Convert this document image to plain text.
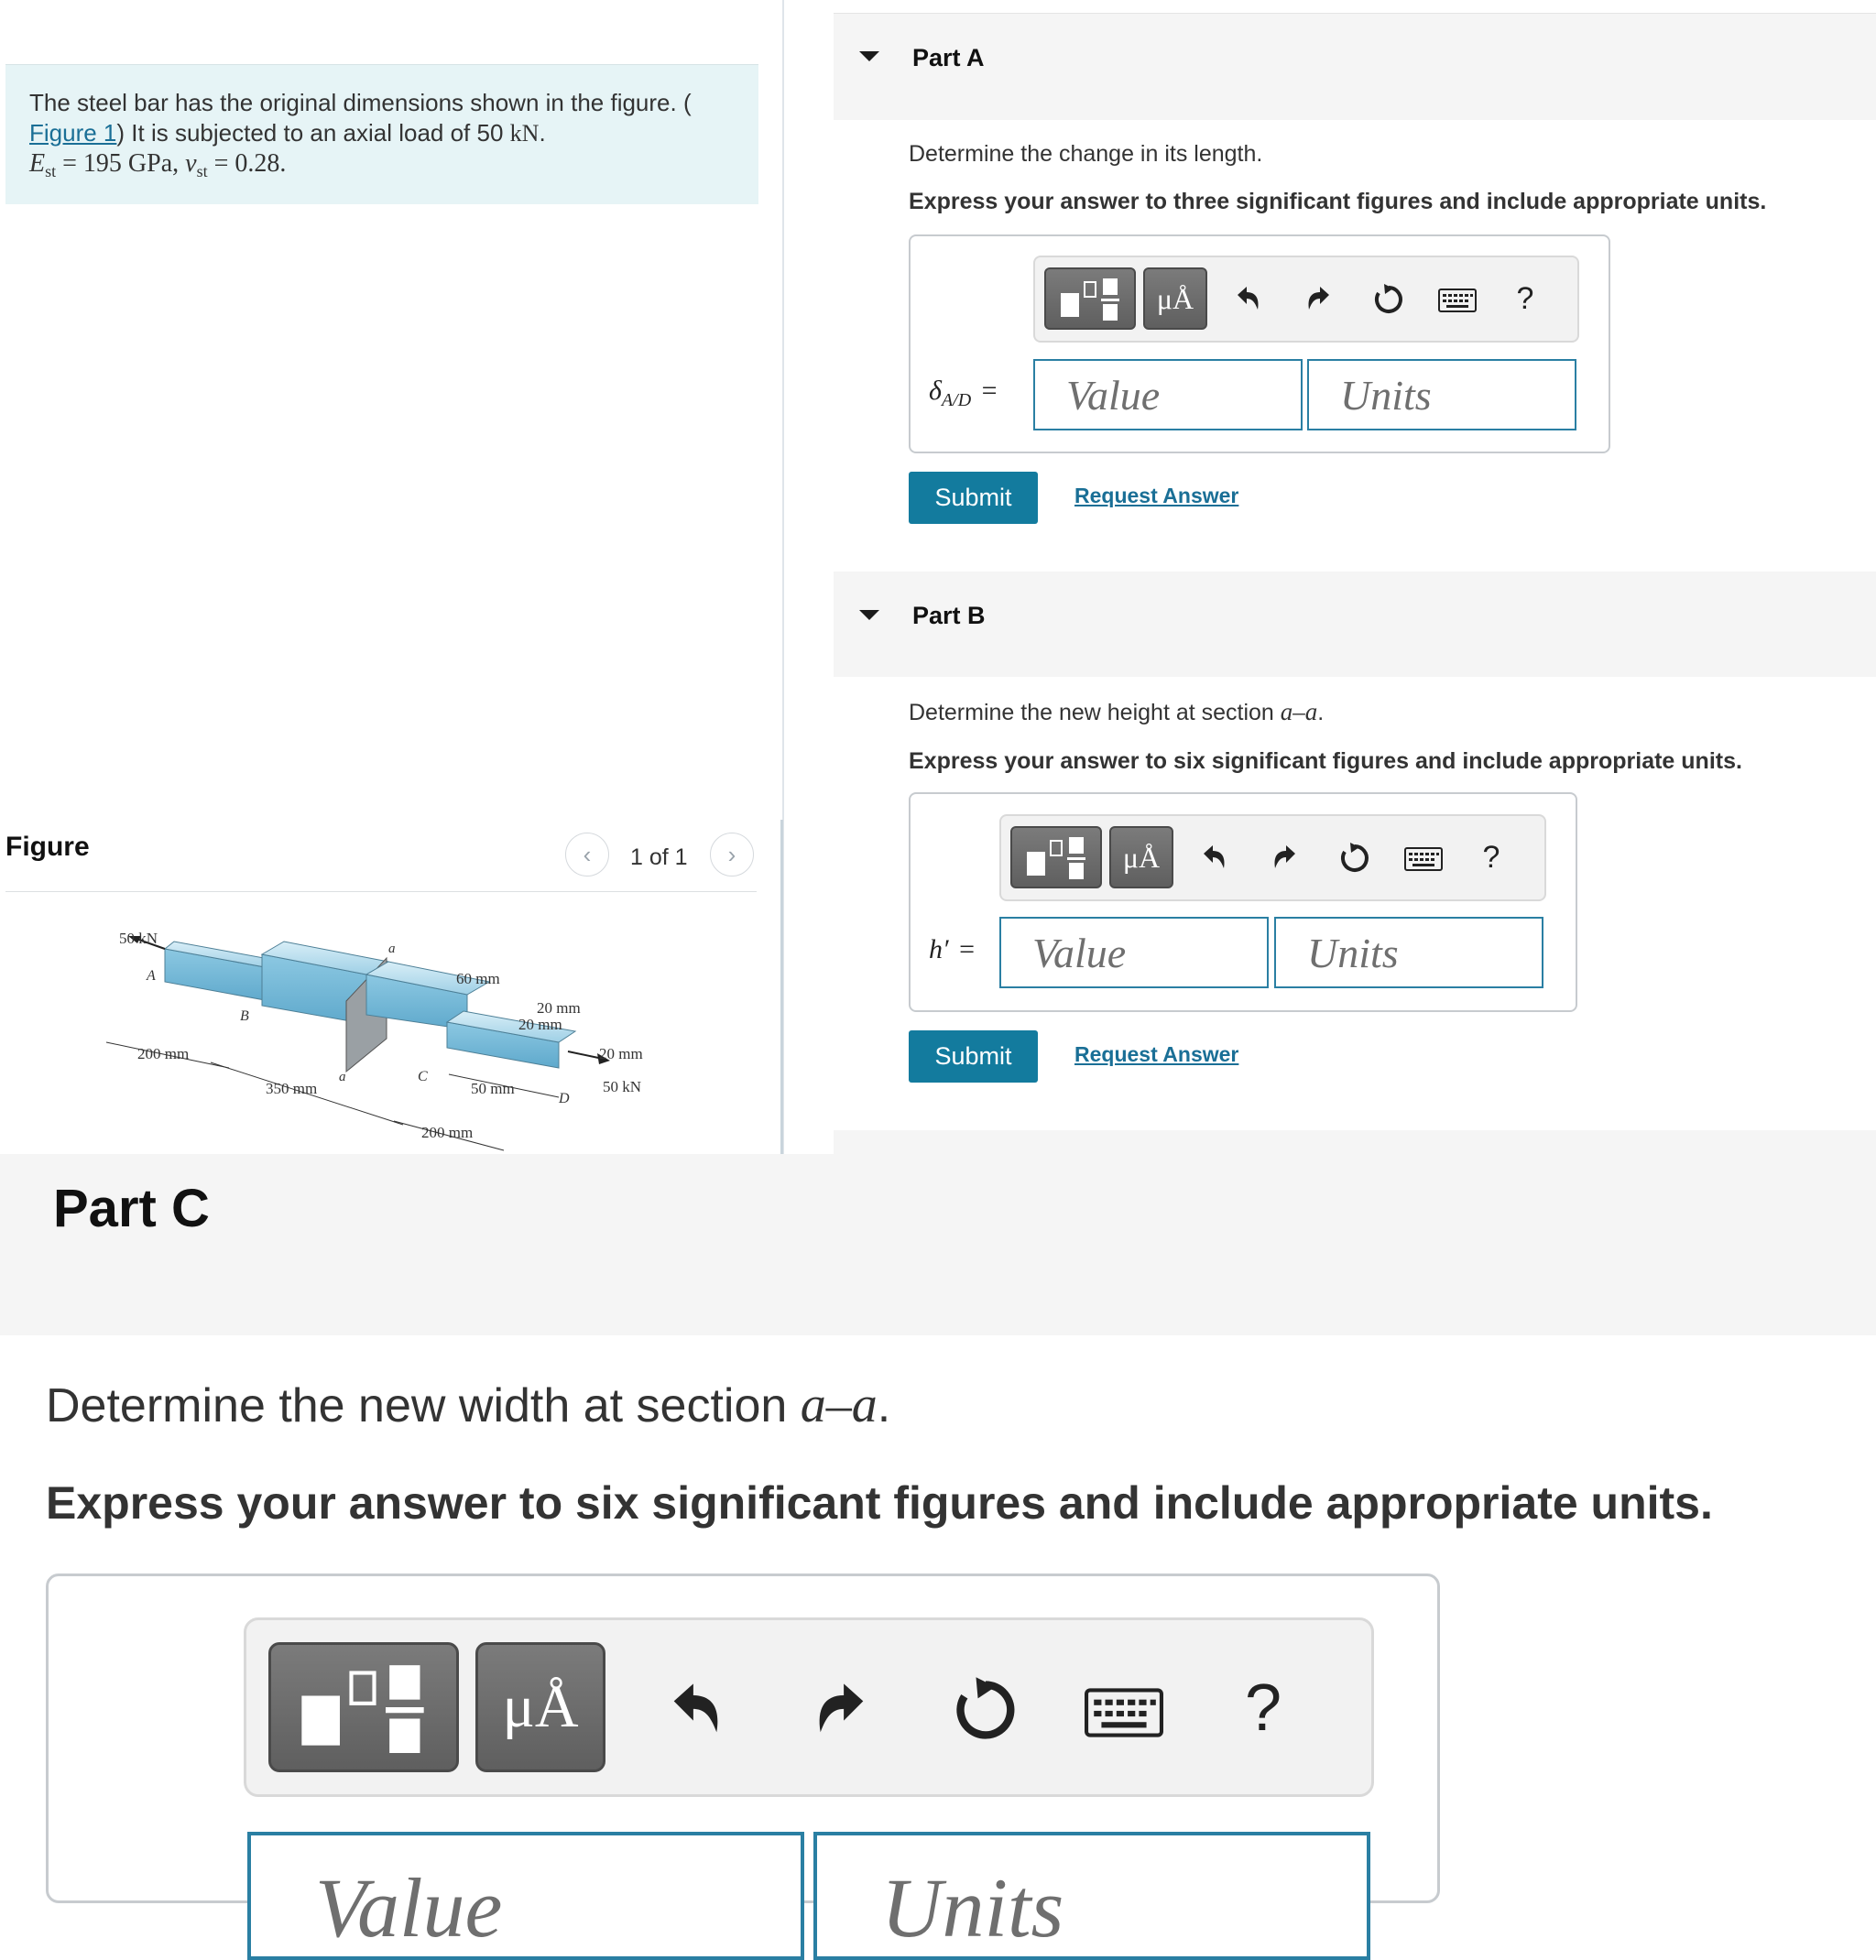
The steel bar has the original dimensions shown in the figure. (
Figure 1) It is subjected to an axial load of 50 kN.
$E_{st} = 195$ GPa, $\nu_{st} = 0.28$.
Figure	‹ 1 of 1 ›
50 kN
A
B
C
D
a
a
60 mm
20 mm
20 mm
20 mm
50 kN
200 mm
350 mm	50 mm
200 mm
Part A
Determine the change in its length.
Express your answer to three significant figures and include appropriate units.
μÅ	?
$\delta_{A/D}$ =	Value	Units
Submit	Request Answer
Part B
Determine the new height at section a–a.
Express your answer to six significant figures and include appropriate units.
μÅ	?
h′ =	Value	Units
Submit	Request Answer
Part C
Determine the new width at section a–a.
Express your answer to six significant figures and include appropriate units.
μÅ	?
Value	Units
